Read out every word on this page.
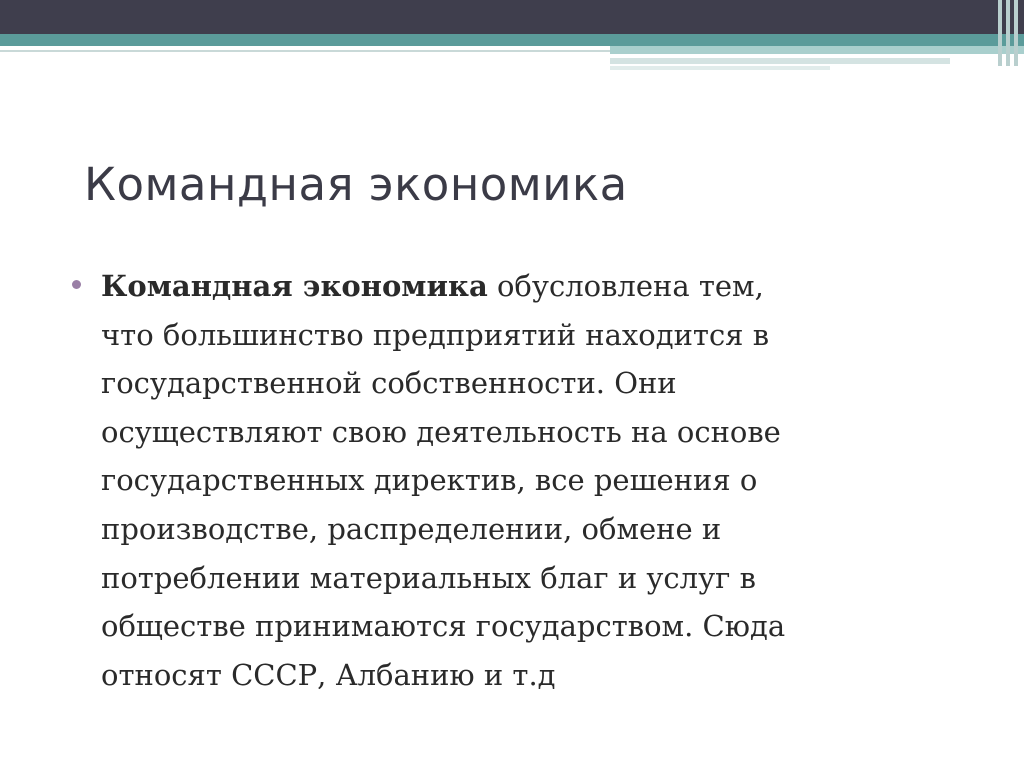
Командная экономика
Командная экономика обусловлена тем,
что большинство предприятий находится в
государственной собственности. Они
осуществляют свою деятельность на основе
государственных директив, все решения о
производстве, распределении, обмене и
потреблении материальных благ и услуг в
обществе принимаются государством. Сюда
относят СССР, Албанию и т.д
